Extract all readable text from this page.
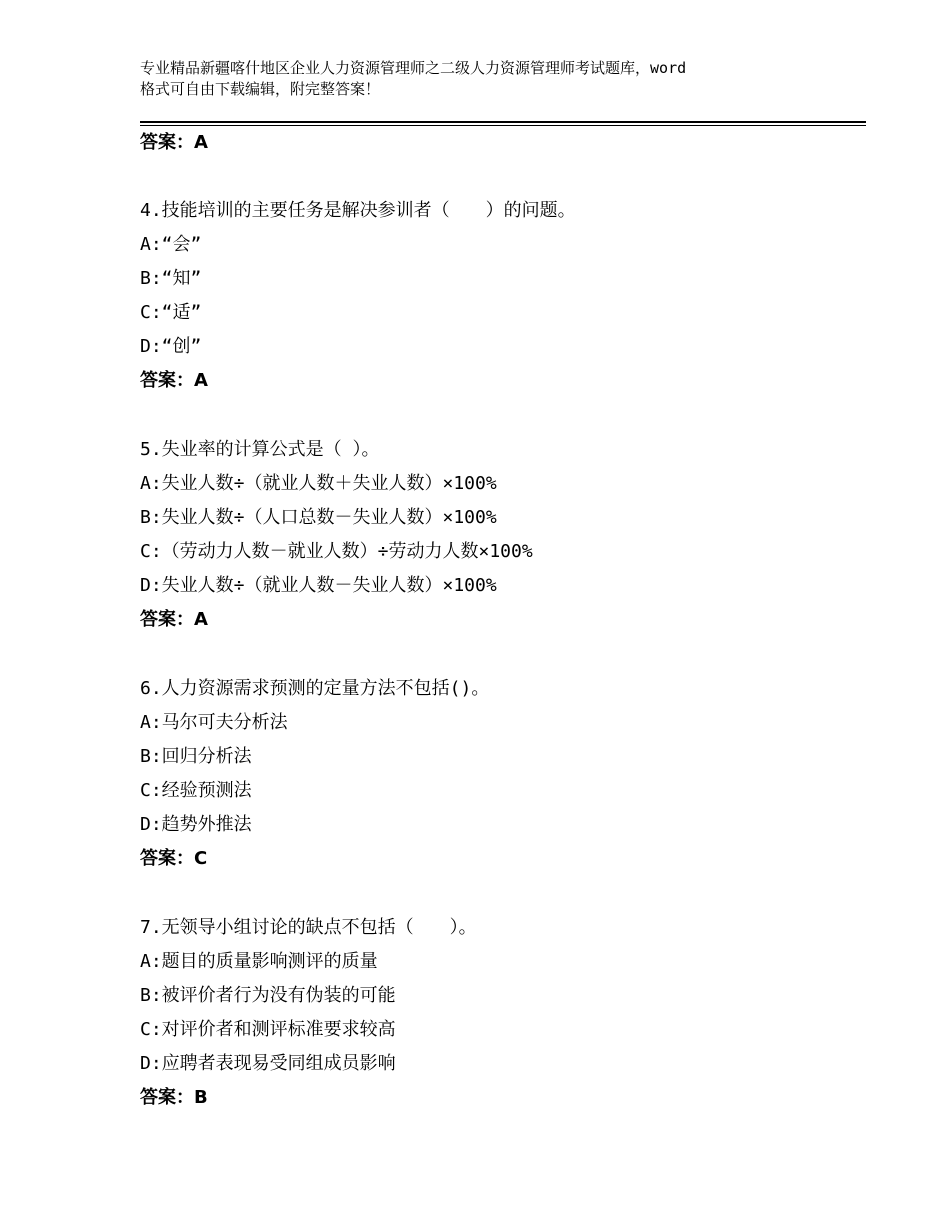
专业精品新疆喀什地区企业人力资源管理师之二级人力资源管理师考试题库，word
格式可自由下载编辑，附完整答案！
答案：A
4.技能培训的主要任务是解决参训者（　　）的问题。
A:“会”
B:“知”
C:“适”
D:“创”
答案：A
5.失业率的计算公式是（ ）。
A:失业人数÷（就业人数＋失业人数）×100%
B:失业人数÷（人口总数－失业人数）×100%
C:（劳动力人数－就业人数）÷劳动力人数×100%
D:失业人数÷（就业人数－失业人数）×100%
答案：A
6.人力资源需求预测的定量方法不包括()。
A:马尔可夫分析法
B:回归分析法
C:经验预测法
D:趋势外推法
答案：C
7.无领导小组讨论的缺点不包括（　　）。
A:题目的质量影响测评的质量
B:被评价者行为没有伪装的可能
C:对评价者和测评标准要求较高
D:应聘者表现易受同组成员影响
答案：B
